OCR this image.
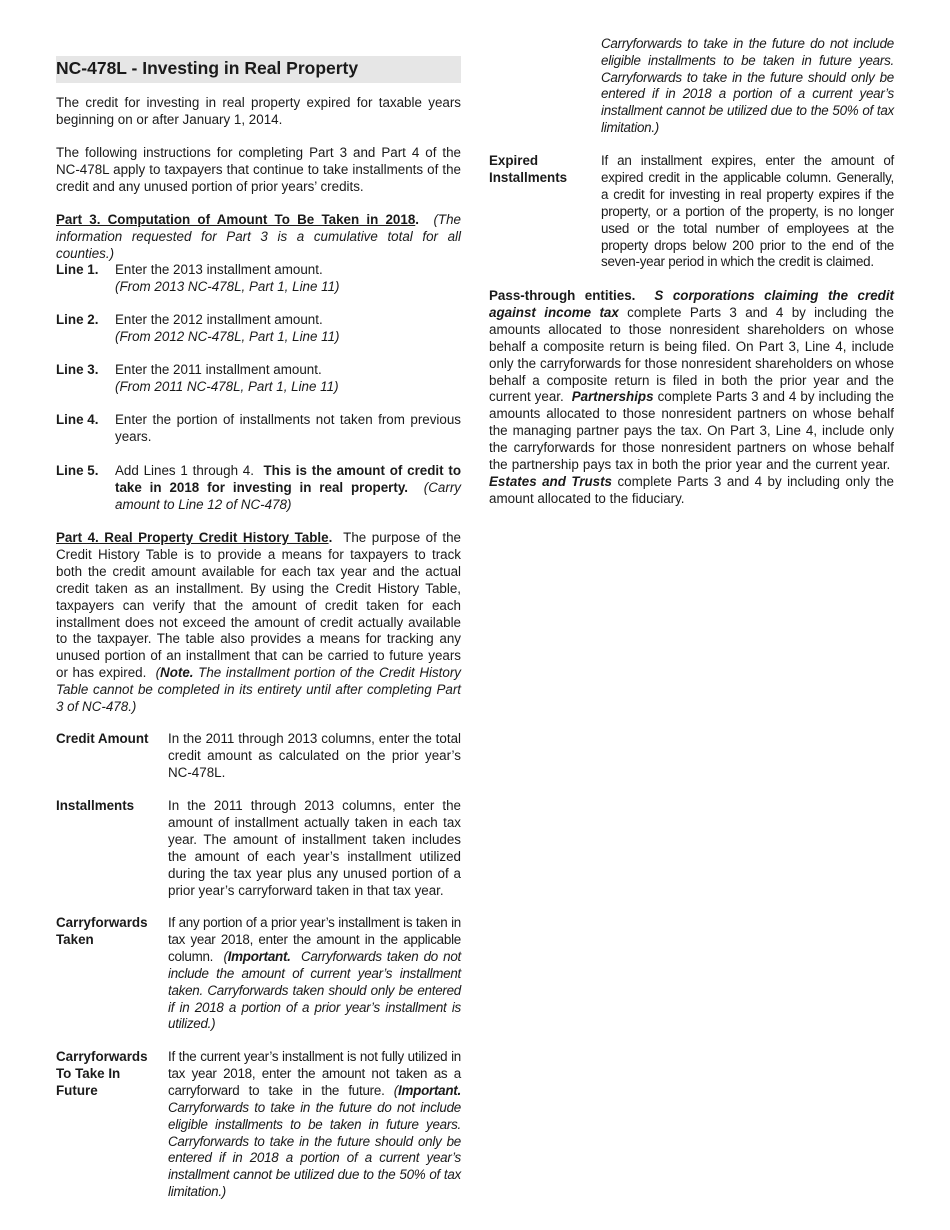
NC-478L - Investing in Real Property
The credit for investing in real property expired for taxable years beginning on or after January 1, 2014.
The following instructions for completing Part 3 and Part 4 of the NC-478L apply to taxpayers that continue to take installments of the credit and any unused portion of prior years’ credits.
Part 3. Computation of Amount To Be Taken in 2018. (The information requested for Part 3 is a cumulative total for all counties.)
Line 1. Enter the 2013 installment amount.
(From 2013 NC-478L, Part 1, Line 11)
Line 2. Enter the 2012 installment amount.
(From 2012 NC-478L, Part 1, Line 11)
Line 3. Enter the 2011 installment amount.
(From 2011 NC-478L, Part 1, Line 11)
Line 4. Enter the portion of installments not taken from previous years.
Line 5. Add Lines 1 through 4. This is the amount of credit to take in 2018 for investing in real property. (Carry amount to Line 12 of NC-478)
Part 4. Real Property Credit History Table. The purpose of the Credit History Table is to provide a means for taxpayers to track both the credit amount available for each tax year and the actual credit taken as an installment. By using the Credit History Table, taxpayers can verify that the amount of credit taken for each installment does not exceed the amount of credit actually available to the taxpayer. The table also provides a means for tracking any unused portion of an installment that can be carried to future years or has expired. (Note. The installment portion of the Credit History Table cannot be completed in its entirety until after completing Part 3 of NC-478.)
Credit Amount In the 2011 through 2013 columns, enter the total credit amount as calculated on the prior year’s NC-478L.
Installments	In the 2011 through 2013 columns, enter the amount of installment actually taken in each tax year. The amount of installment taken includes the amount of each year’s installment utilized during the tax year plus any unused portion of a prior year’s carryforward taken in that tax year.
Carryforwards Taken
If any portion of a prior year’s installment is taken in tax year 2018, enter the amount in the applicable column. (Important. Carryforwards taken do not include the amount of current year’s installment taken. Carryforwards taken should only be entered if in 2018 a portion of a prior year’s installment is utilized.)
Carryforwards To Take In Future
If the current year’s installment is not fully utilized in tax year 2018, enter the amount not taken as a carryforward to take in the future. (Important. Carryforwards to take in the future do not include eligible installments to be taken in future years. Carryforwards to take in the future should only be entered if in 2018 a portion of a current year’s installment cannot be utilized due to the 50% of tax limitation.)
Carryforwards to take in the future do not include eligible installments to be taken in future years. Carryforwards to take in the future should only be entered if in 2018 a portion of a current year’s installment cannot be utilized due to the 50% of tax limitation.)
Expired Installments
If an installment expires, enter the amount of expired credit in the applicable column. Generally, a credit for investing in real property expires if the property, or a portion of the property, is no longer used or the total number of employees at the property drops below 200 prior to the end of the seven-year period in which the credit is claimed.
Pass-through entities. S corporations claiming the credit against income tax complete Parts 3 and 4 by including the amounts allocated to those nonresident shareholders on whose behalf a composite return is being filed. On Part 3, Line 4, include only the carryforwards for those nonresident shareholders on whose behalf a composite return is filed in both the prior year and the current year. Partnerships complete Parts 3 and 4 by including the amounts allocated to those nonresident partners on whose behalf the managing partner pays the tax. On Part 3, Line 4, include only the carryforwards for those nonresident partners on whose behalf the partnership pays tax in both the prior year and the current year.  Estates and Trusts complete Parts 3 and 4 by including only the amount allocated to the fiduciary.
